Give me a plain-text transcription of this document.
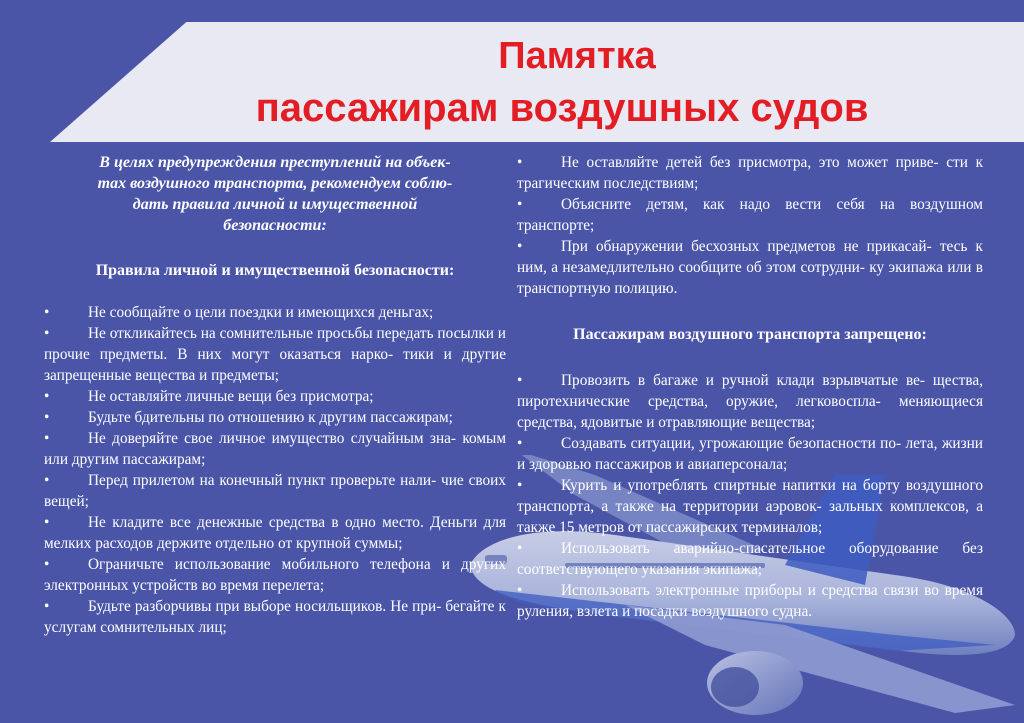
Памятка
пассажирам воздушных судов

В целях предупреждения преступлений на объек-
тах воздушного транспорта, рекомендуем соблю-
дать правила личной и имущественной
безопасности:

Правила личной и имущественной безопасности:

•	Не сообщайте о цели поездки и имеющихся деньгах;

•	Не откликайтесь на сомнительные просьбы передать посылки и прочие предметы. В них могут оказаться нарко- тики и другие запрещенные вещества и предметы;

•	Не оставляйте личные вещи без присмотра;

•	Будьте бдительны по отношению к другим пассажирам;

•	Не доверяйте свое личное имущество случайным зна- комым или другим пассажирам;

•	Перед прилетом на конечный пункт проверьте нали- чие своих вещей;

•	Не кладите все денежные средства в одно место. Деньги для мелких расходов держите отдельно от крупной суммы;

•	Ограничьте использование мобильного телефона и других электронных устройств во время перелета;

•	Будьте разборчивы при выборе носильщиков. Не при- бегайте к услугам сомнительных лиц;

•	Не оставляйте детей без присмотра, это может приве- сти к трагическим последствиям;

•	Объясните детям, как надо вести себя на воздушном транспорте;

•	При обнаружении бесхозных предметов не прикасай- тесь к ним, а незамедлительно сообщите об этом сотрудни- ку экипажа или в транспортную полицию.

Пассажирам воздушного транспорта запрещено:

•	Провозить в багаже и ручной клади взрывчатые ве- щества, пиротехнические средства, оружие, легковоспла- меняющиеся средства, ядовитые и отравляющие вещества;

•	Создавать ситуации, угрожающие безопасности по- лета, жизни и здоровью пассажиров и авиаперсонала;

•	Курить и употреблять спиртные напитки на борту воздушного транспорта, а также на территории аэровок- зальных комплексов, а также 15 метров от пассажирских терминалов;

•	Использовать аварийно-спасательное оборудование без соответствующего указания экипажа;

•	Использовать электронные приборы и средства связи во время руления, взлета и посадки воздушного судна.
